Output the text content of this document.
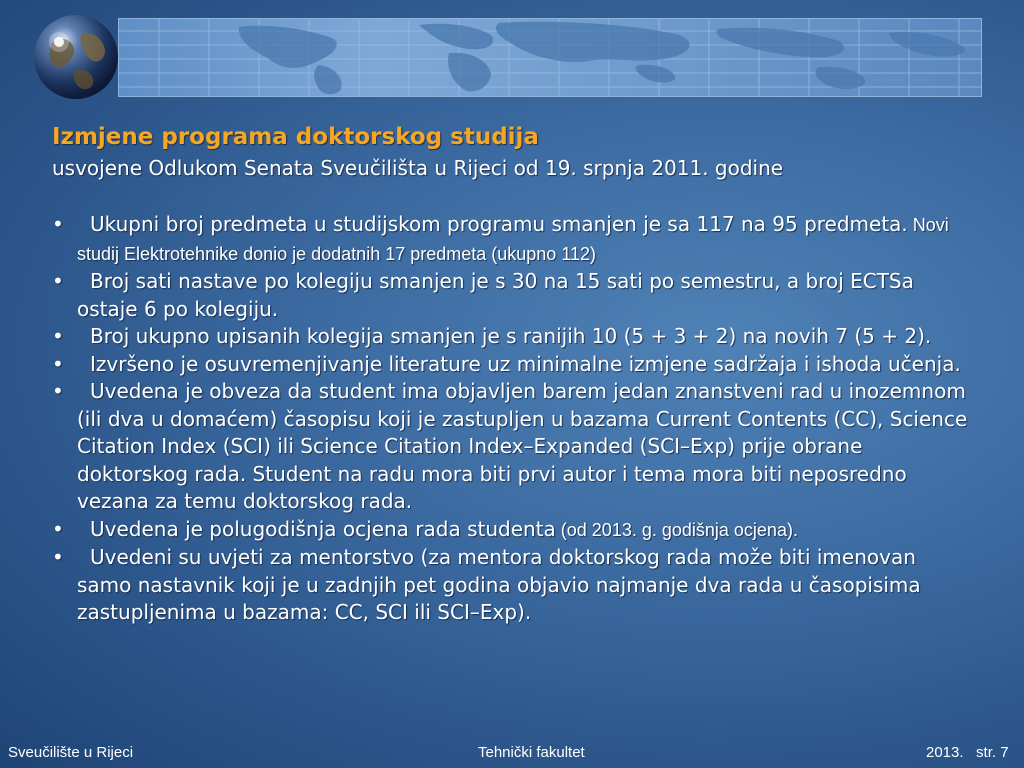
Izmjene programa doktorskog studija
usvojene Odlukom Senata Sveučilišta u Rijeci od 19. srpnja 2011. godine
• Ukupni broj predmeta u studijskom programu smanjen je sa 117 na 95 predmeta. Novi studij Elektrotehnike donio je dodatnih 17 predmeta (ukupno 112)
• Broj sati nastave po kolegiju smanjen je s 30 na 15 sati po semestru, a broj ECTSa ostaje 6 po kolegiju.
• Broj ukupno upisanih kolegija smanjen je s ranijih 10 (5 + 3 + 2) na novih 7 (5 + 2).
• Izvršeno je osuvremenjivanje literature uz minimalne izmjene sadržaja i ishoda učenja.
• Uvedena je obveza da student ima objavljen barem jedan znanstveni rad u inozemnom (ili dva u domaćem) časopisu koji je zastupljen u bazama Current Contents (CC), Science Citation Index (SCI) ili Science Citation Index–Expanded (SCI–Exp) prije obrane doktorskog rada. Student na radu mora biti prvi autor i tema mora biti neposredno vezana za temu doktorskog rada.
• Uvedena je polugodišnja ocjena rada studenta (od 2013. g. godišnja ocjena).
• Uvedeni su uvjeti za mentorstvo (za mentora doktorskog rada može biti imenovan samo nastavnik koji je u zadnjih pet godina objavio najmanje dva rada u časopisima zastupljenima u bazama: CC, SCI ili SCI–Exp).
Sveučilište u Rijeci	Tehnički fakultet	2013.   str. 7
